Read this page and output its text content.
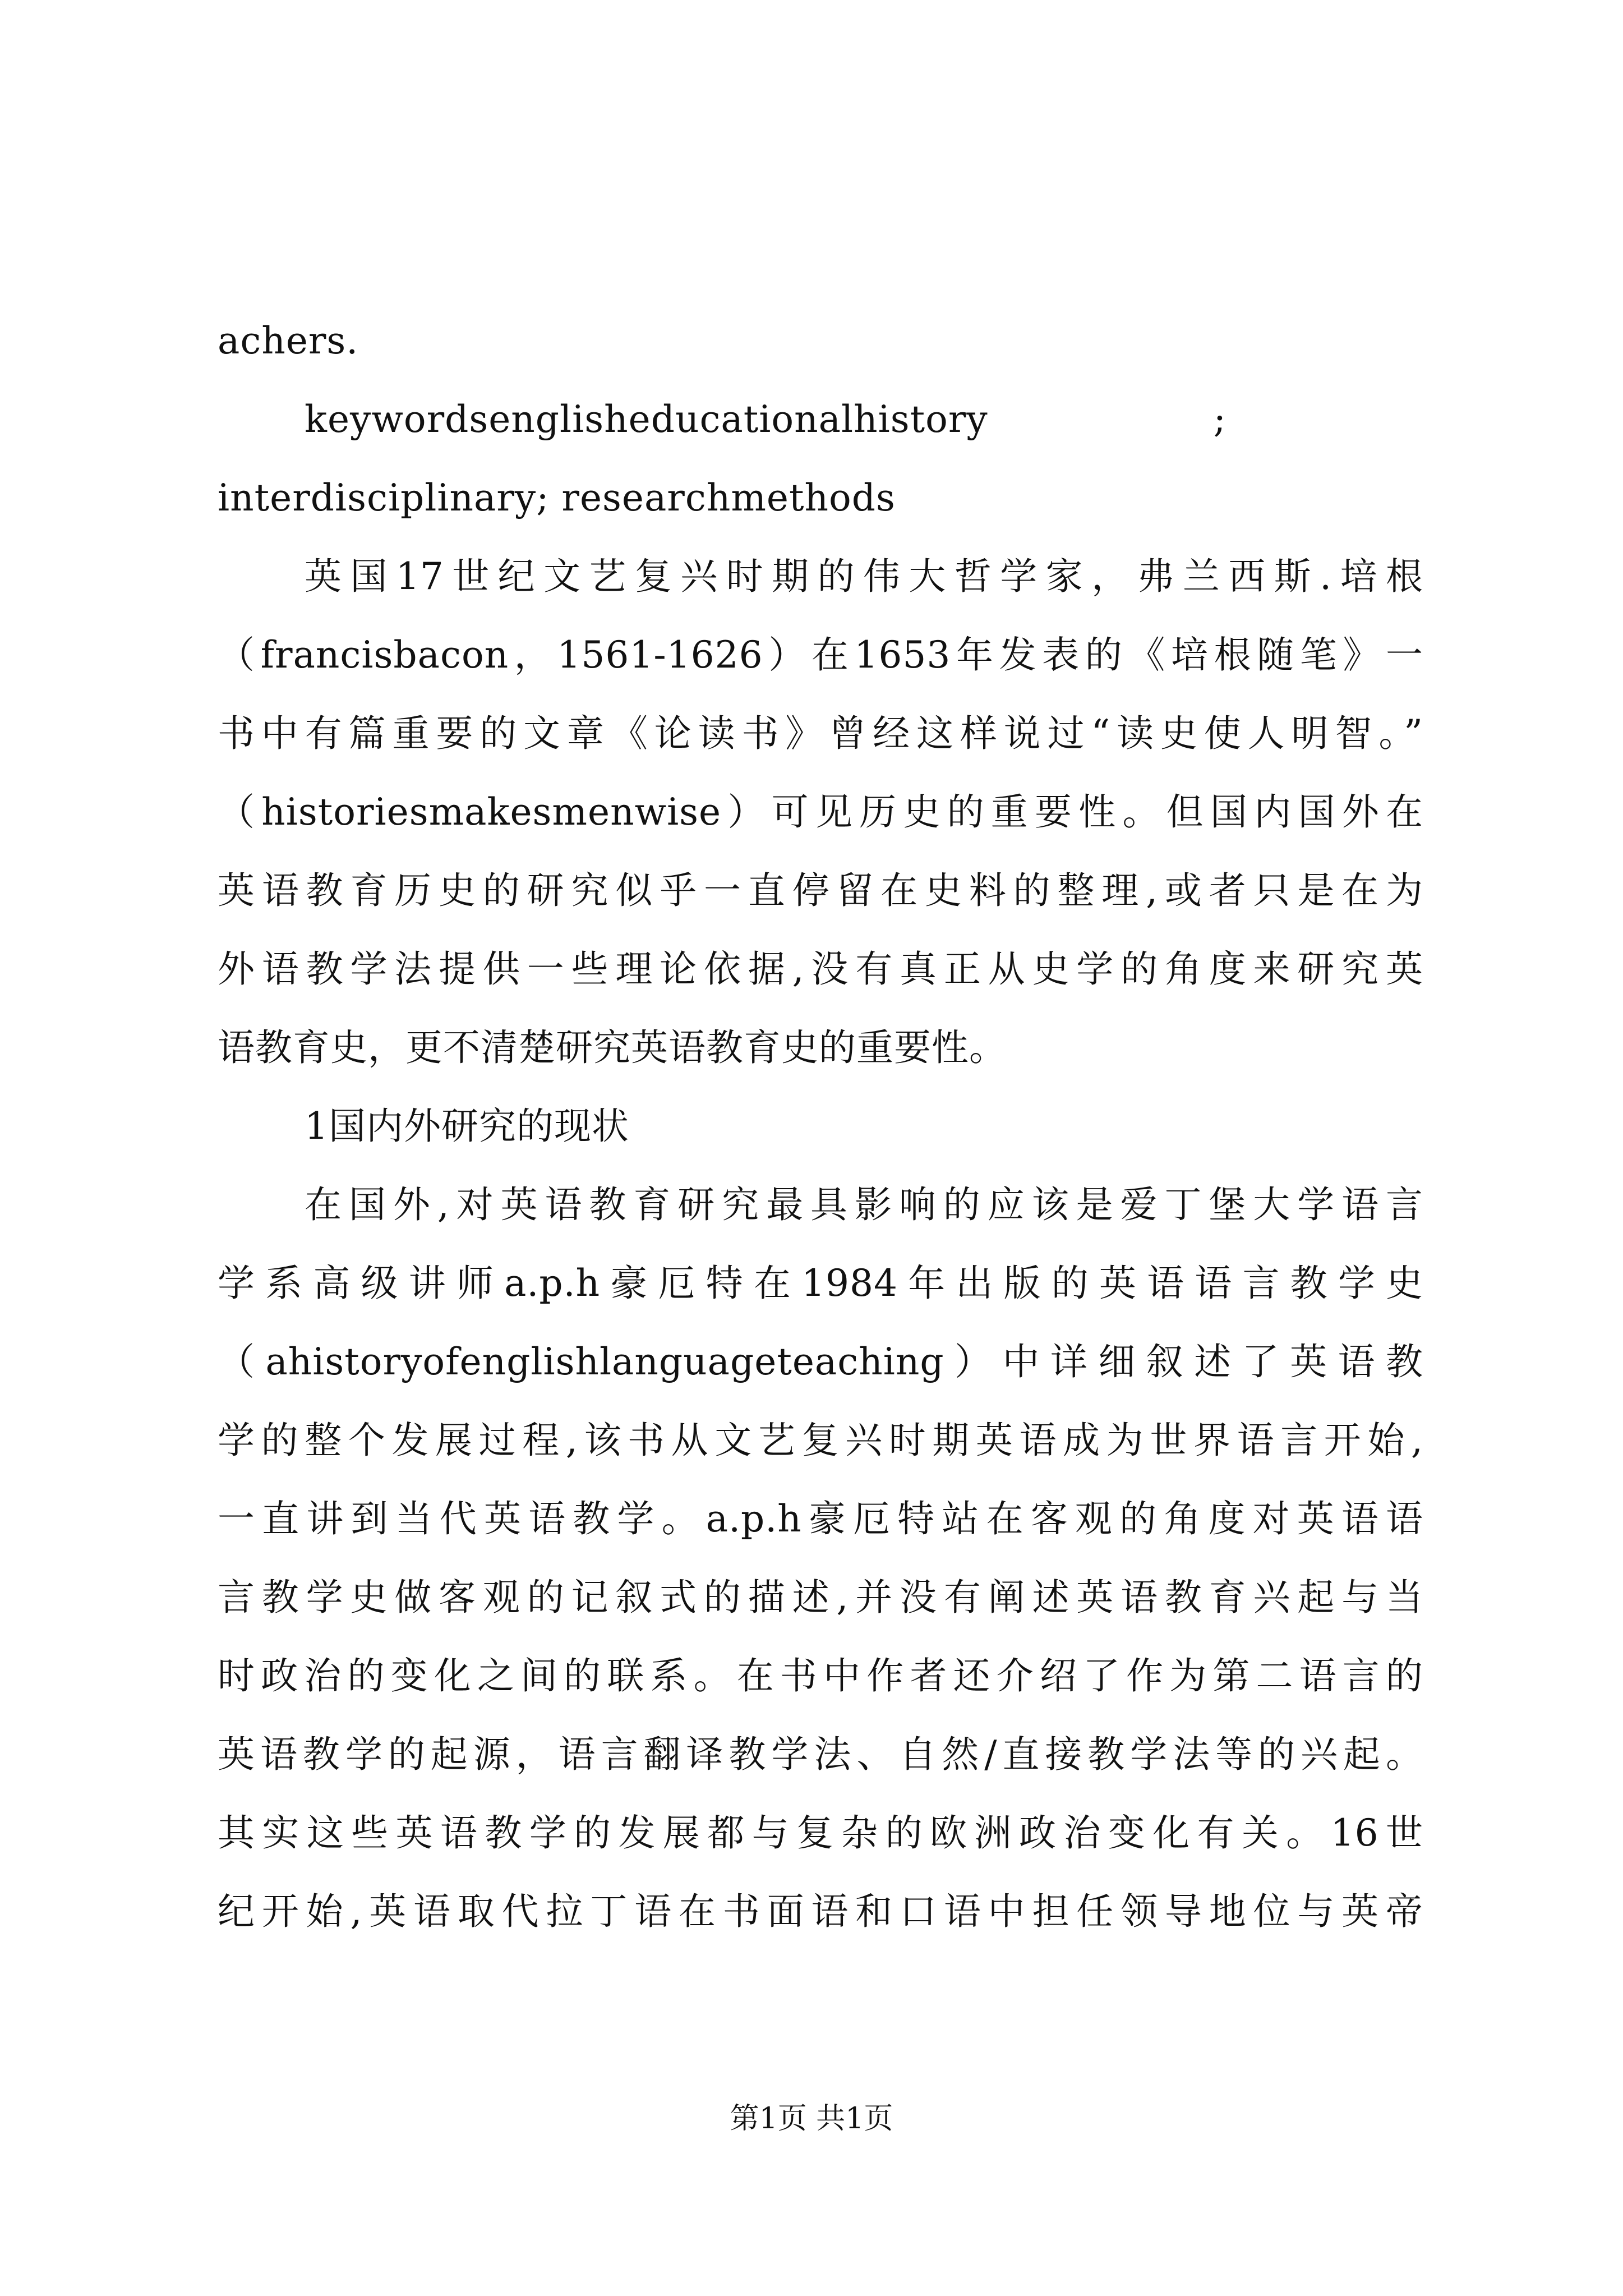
achers.
keywordsenglisheducationalhistory　　　　　　;
interdisciplinary; researchmethods
英国17世纪文艺复兴时期的伟大哲学家，弗兰西斯.培根
（francisbacon，1561-1626）在1653年发表的《培根随笔》一
书中有篇重要的文章《论读书》曾经这样说过“读史使人明智。”
（historiesmakesmenwise）可见历史的重要性。但国内国外在
英语教育历史的研究似乎一直停留在史料的整理,或者只是在为
外语教学法提供一些理论依据,没有真正从史学的角度来研究英
语教育史，更不清楚研究英语教育史的重要性。
1国内外研究的现状
在国外,对英语教育研究最具影响的应该是爱丁堡大学语言
学系高级讲师a.p.h豪厄特在1984年出版的英语语言教学史
（ahistoryofenglishlanguageteaching）中详细叙述了英语教
学的整个发展过程,该书从文艺复兴时期英语成为世界语言开始,
一直讲到当代英语教学。a.p.h豪厄特站在客观的角度对英语语
言教学史做客观的记叙式的描述,并没有阐述英语教育兴起与当
时政治的变化之间的联系。在书中作者还介绍了作为第二语言的
英语教学的起源，语言翻译教学法、自然/直接教学法等的兴起。
其实这些英语教学的发展都与复杂的欧洲政治变化有关。16世
纪开始,英语取代拉丁语在书面语和口语中担任领导地位与英帝
第1页 共1页
